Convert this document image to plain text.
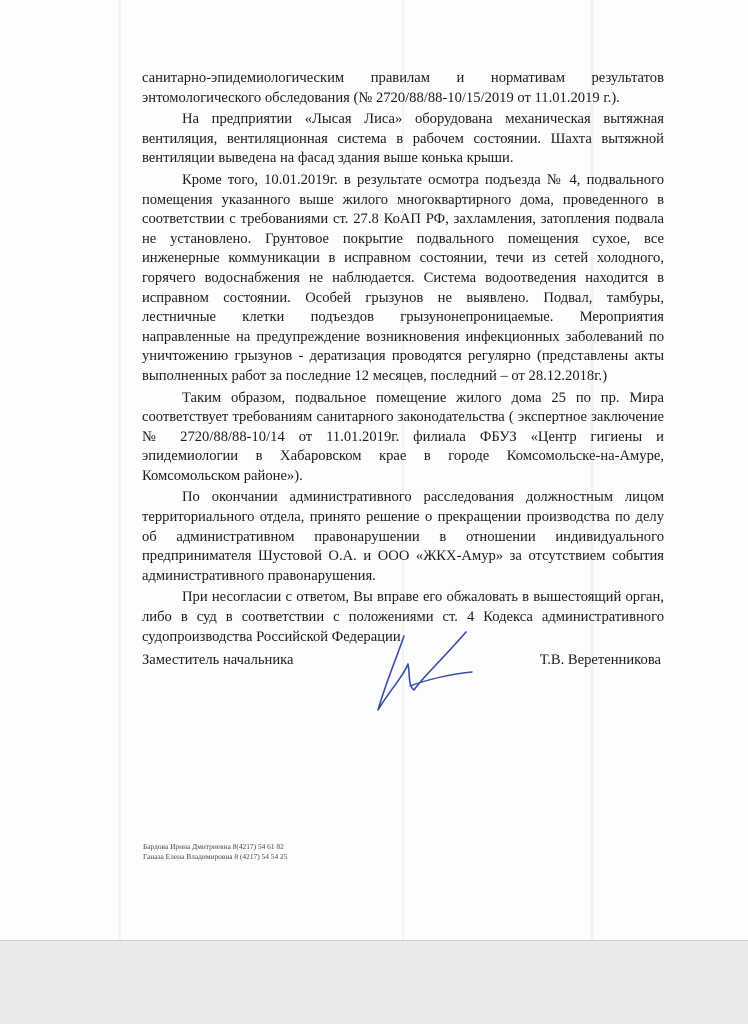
санитарно-эпидемиологическим правилам и нормативам результатов энтомологического обследования (№ 2720/88/88-10/15/2019 от 11.01.2019 г.).

На предприятии «Лысая Лиса» оборудована механическая вытяжная вентиляция, вентиляционная система в рабочем состоянии. Шахта вытяжной вентиляции выведена на фасад здания выше конька крыши.

Кроме того, 10.01.2019г. в результате осмотра подъезда № 4, подвального помещения указанного выше жилого многоквартирного дома, проведенного в соответствии с требованиями ст. 27.8 КоАП РФ, захламления, затопления подвала не установлено. Грунтовое покрытие подвального помещения сухое, все инженерные коммуникации в исправном состоянии, течи из сетей холодного, горячего водоснабжения не наблюдается. Система водоотведения находится в исправном состоянии. Особей грызунов не выявлено. Подвал, тамбуры, лестничные клетки подъездов грызунонепроницаемые. Мероприятия направленные на предупреждение возникновения инфекционных заболеваний по уничтожению грызунов - дератизация проводятся регулярно (представлены акты выполненных работ за последние 12 месяцев, последний – от 28.12.2018г.)

Таким образом, подвальное помещение жилого дома 25 по пр. Мира соответствует требованиям санитарного законодательства ( экспертное заключение № 2720/88/88-10/14 от 11.01.2019г. филиала ФБУЗ «Центр гигиены и эпидемиологии в Хабаровском крае в городе Комсомольске-на-Амуре, Комсомольском районе»).

По окончании административного расследования должностным лицом территориального отдела, принято решение о прекращении производства по делу об административном правонарушении в отношении индивидуального предпринимателя Шустовой О.А. и ООО «ЖКХ-Амур» за отсутствием события административного правонарушения.

При несогласии с ответом, Вы вправе его обжаловать в вышестоящий орган, либо в суд в соответствии с положениями ст. 4 Кодекса административного судопроизводства Российской Федерации.

Заместитель начальника	Т.В. Веретенникова
Бардова Ирина Дмитриевна 8(4217) 54 61 82
Ганаза Елена Владимировна 8 (4217) 54 54 25
